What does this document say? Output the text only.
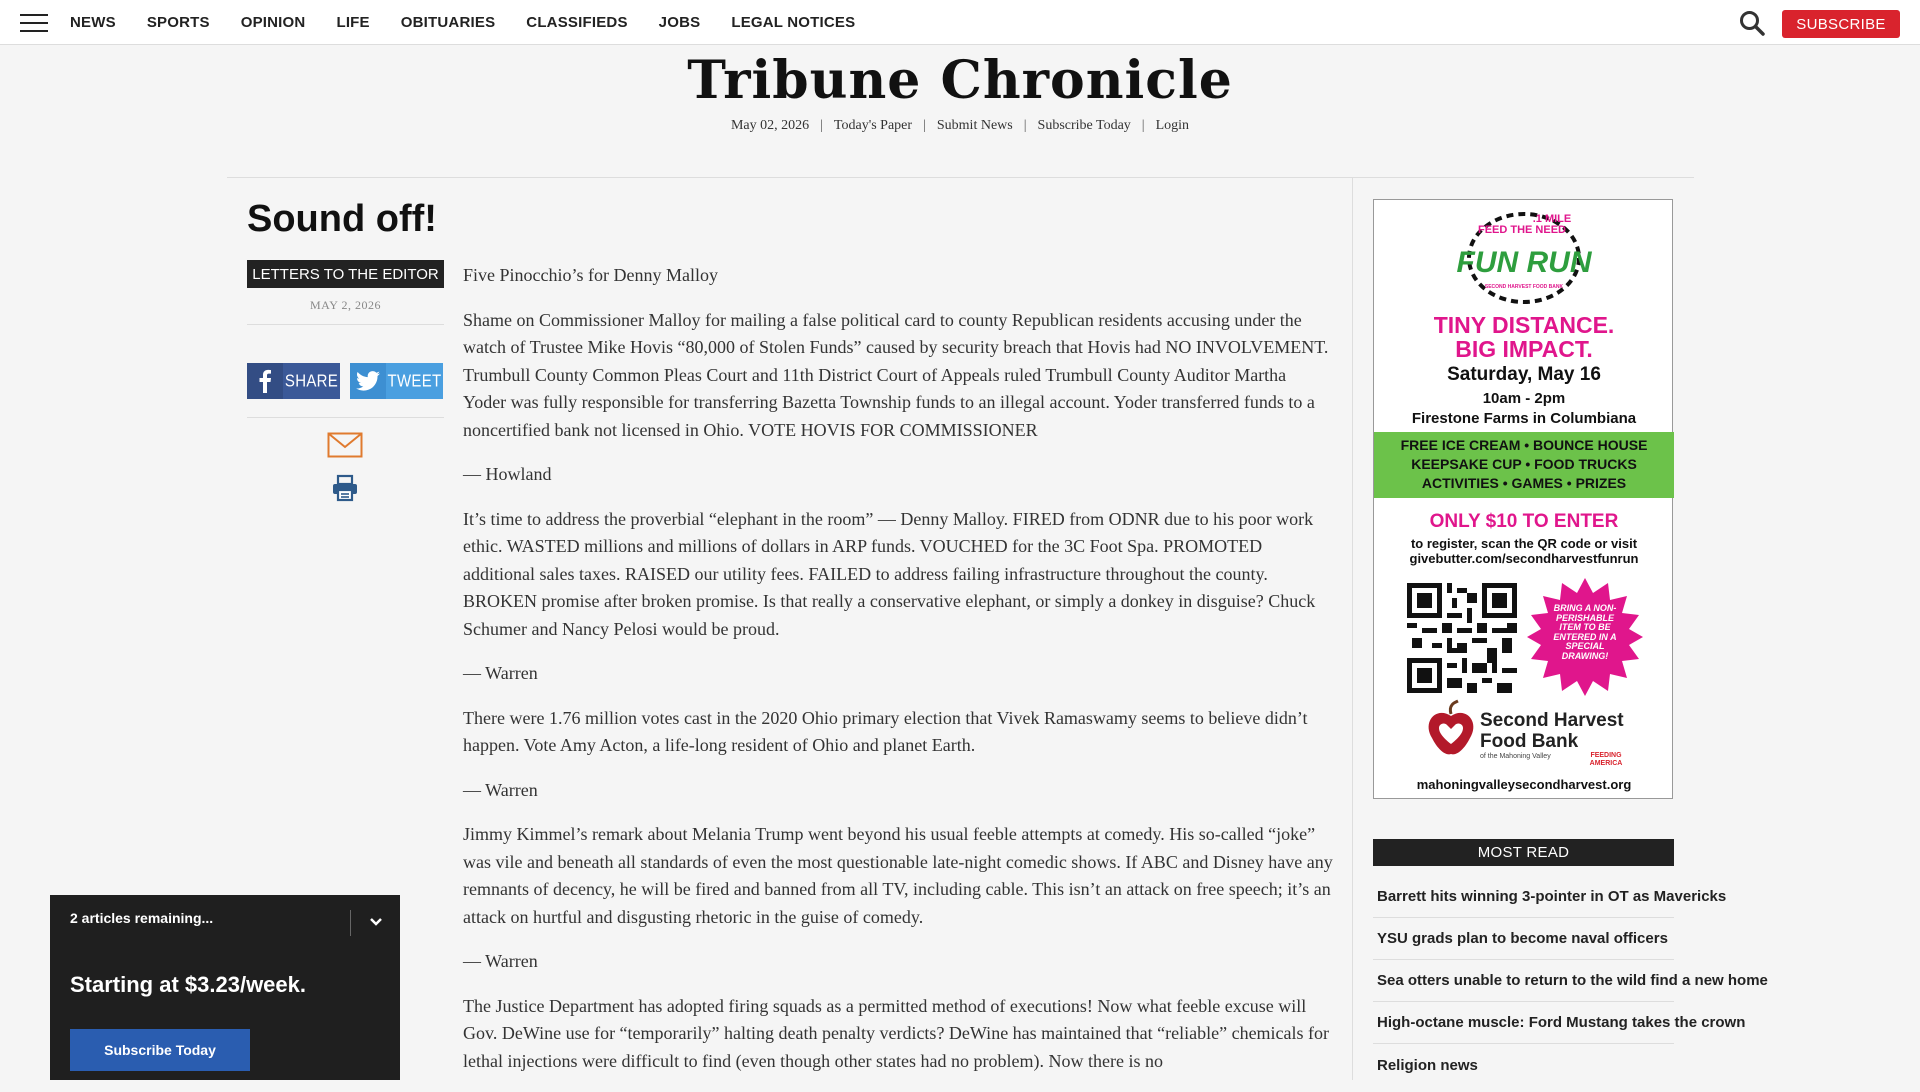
NEWS SPORTS OPINION LIFE OBITUARIES CLASSIFIEDS JOBS LEGAL NOTICES	SUBSCRIBE
Tribune Chronicle
May 02, 2026 | Today's Paper | Submit News | Subscribe Today | Login
Sound off!
LETTERS TO THE EDITOR
MAY 2, 2026
SHARE	TWEET

Five Pinocchio’s for Denny Malloy

Shame on Commissioner Malloy for mailing a false political card to county Republican residents accusing under the watch of Trustee Mike Hovis “80,000 of Stolen Funds” caused by security breach that Hovis had NO INVOLVEMENT. Trumbull County Common Pleas Court and 11th District Court of Appeals ruled Trumbull County Auditor Martha Yoder was fully responsible for transferring Bazetta Township funds to an illegal account. Yoder transferred funds to a noncertified bank not licensed in Ohio. VOTE HOVIS FOR COMMISSIONER

— Howland

It’s time to address the proverbial “elephant in the room” — Denny Malloy. FIRED from ODNR due to his poor work ethic. WASTED millions and millions of dollars in ARP funds. VOUCHED for the 3C Foot Spa. PROMOTED additional sales taxes. RAISED our utility fees. FAILED to address failing infrastructure throughout the county. BROKEN promise after broken promise. Is that really a conservative elephant, or simply a donkey in disguise? Chuck Schumer and Nancy Pelosi would be proud.

— Warren

There were 1.76 million votes cast in the 2020 Ohio primary election that Vivek Ramaswamy seems to believe didn’t happen. Vote Amy Acton, a life-long resident of Ohio and planet Earth.

— Warren

Jimmy Kimmel’s remark about Melania Trump went beyond his usual feeble attempts at comedy. His so-called “joke” was vile and beneath all standards of even the most questionable late-night comedic shows. If ABC and Disney have any remnants of decency, he will be fired and banned from all TV, including cable. This isn’t an attack on free speech; it’s an attack on hurtful and disgusting rhetoric in the guise of comedy.

— Warren

The Justice Department has adopted firing squads as a permitted method of executions! Now what feeble excuse will Gov. DeWine use for “temporarily” halting death penalty verdicts? DeWine has maintained that “reliable” chemicals for lethal injections were difficult to find (even though other states had no problem). Now there is no

FEED THE NEED
.1 MILE
FUN RUN
SECOND HARVEST FOOD BANK
TINY DISTANCE.
BIG IMPACT.
Saturday, May 16
10am - 2pm
Firestone Farms in Columbiana
FREE ICE CREAM • BOUNCE HOUSE
KEEPSAKE CUP • FOOD TRUCKS
ACTIVITIES • GAMES • PRIZES
ONLY $10 TO ENTER
to register, scan the QR code or visit
givebutter.com/secondharvestfunrun
BRING A NON-PERISHABLE ITEM TO BE ENTERED IN A SPECIAL DRAWING!
Second Harvest
Food Bank
of the Mahoning Valley	FEEDING AMERICA
mahoningvalleysecondharvest.org
MOST READ
Barrett hits winning 3-pointer in OT as Mavericks
YSU grads plan to become naval officers
Sea otters unable to return to the wild find a new home
High-octane muscle: Ford Mustang takes the crown
Religion news
2 articles remaining...
Starting at $3.23/week.
Subscribe Today
